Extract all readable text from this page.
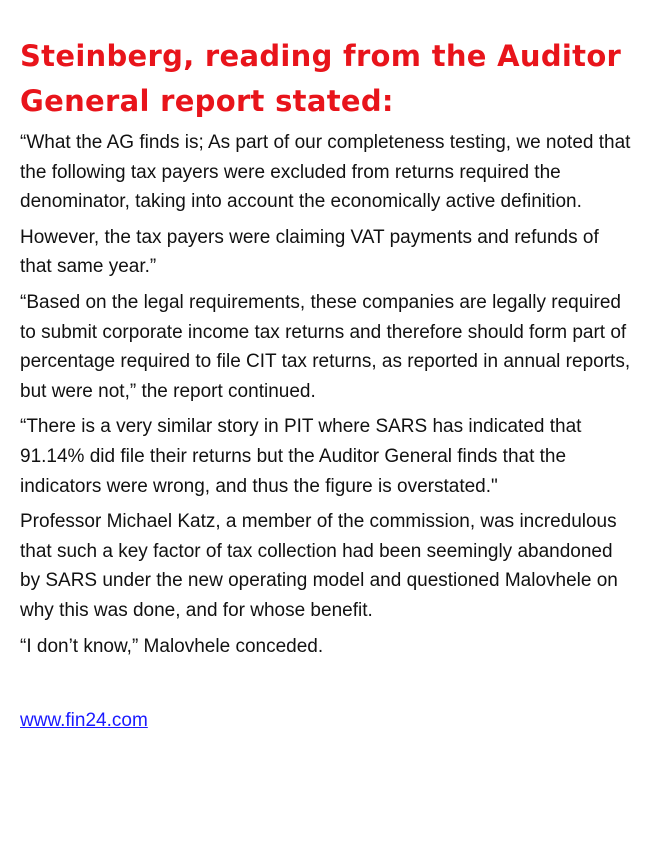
Steinberg, reading from the Auditor General report stated:

“What the AG finds is; As part of our completeness testing, we noted that the following tax payers were excluded from returns required the denominator, taking into account the economically active definition.

However, the tax payers were claiming VAT payments and refunds of that same year.”

“Based on the legal requirements, these companies are legally required to submit corporate income tax returns and therefore should form part of percentage required to file CIT tax returns, as reported in annual reports, but were not,” the report continued.

“There is a very similar story in PIT where SARS has indicated that 91.14% did file their returns but the Auditor General finds that the indicators were wrong, and thus the figure is overstated."

Professor Michael Katz, a member of the commission, was incredulous that such a key factor of tax collection had been seemingly abandoned by SARS under the new operating model and questioned Malovhele on why this was done, and for whose benefit.

“I don’t know,” Malovhele conceded.

www.fin24.com
